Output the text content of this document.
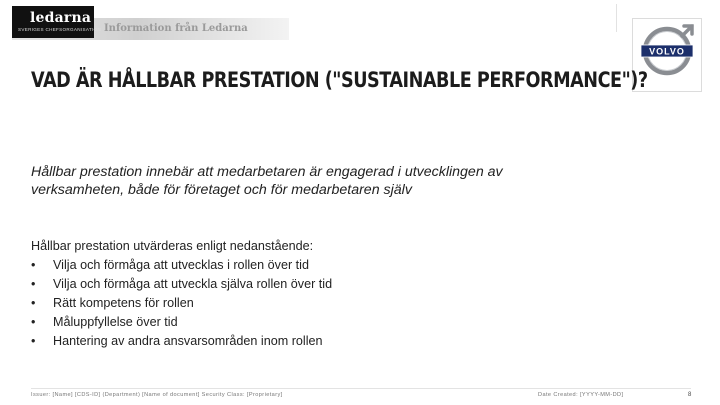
ledarna
SVERIGES CHEFSORGANISATION Information från Ledarna
VOLVO
VAD ÄR HÅLLBAR PRESTATION ("SUSTAINABLE PERFORMANCE")?
Hållbar prestation innebär att medarbetaren är engagerad i utvecklingen av verksamheten, både för företaget och för medarbetaren själv
Hållbar prestation utvärderas enligt nedanstående:
• Vilja och förmåga att utvecklas i rollen över tid
• Vilja och förmåga att utveckla själva rollen över tid
• Rätt kompetens för rollen
• Måluppfyllelse över tid
• Hantering av andra ansvarsområden inom rollen
Issuer: [Name] [CDS-ID] (Department) [Name of document] Security Class: [Proprietary]	Date Created: [YYYY-MM-DD]	8
